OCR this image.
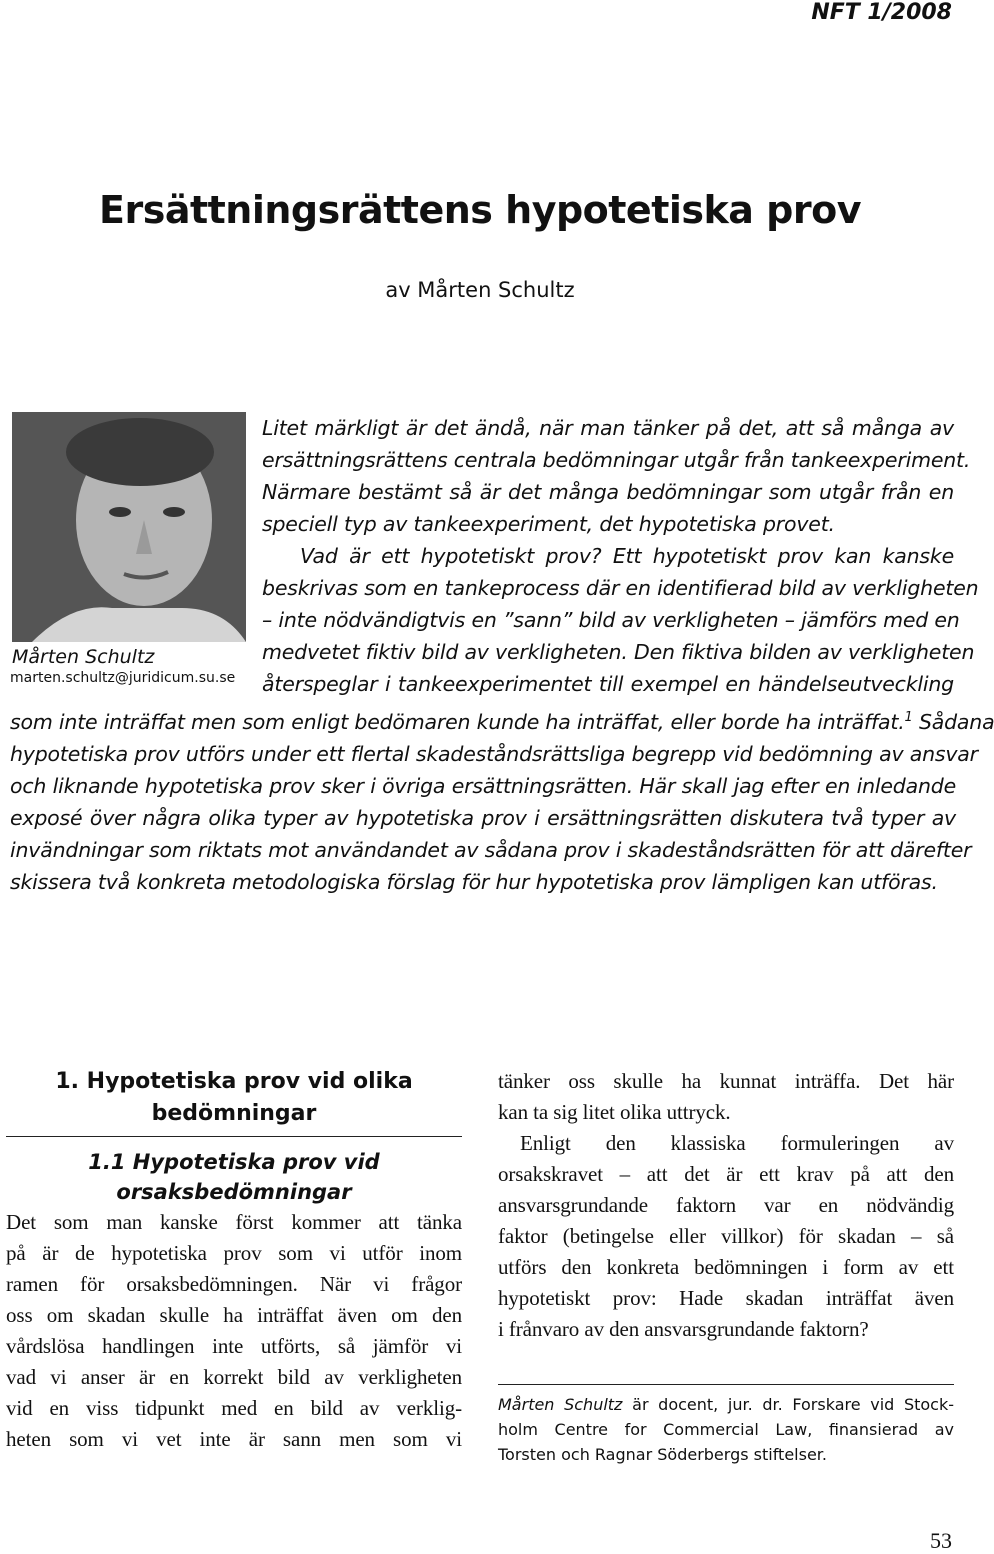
NFT 1/2008
Ersättningsrättens hypotetiska prov
av Mårten Schultz
Mårten Schultz
marten.schultz@juridicum.su.se
Litet märkligt är det ändå, när man tänker på det, att så många av
ersättningsrättens centrala bedömningar utgår från tankeexperiment.
Närmare bestämt så är det många bedömningar som utgår från en
speciell typ av tankeexperiment, det hypotetiska provet.
Vad är ett hypotetiskt prov? Ett hypotetiskt prov kan kanske
beskrivas som en tankeprocess där en identifierad bild av verkligheten
– inte nödvändigtvis en ”sann” bild av verkligheten – jämförs med en
medvetet fiktiv bild av verkligheten. Den fiktiva bilden av verkligheten
återspeglar i tankeexperimentet till exempel en händelseutveckling
som inte inträffat men som enligt bedömaren kunde ha inträffat, eller borde ha inträffat.$^1$ Sådana
hypotetiska prov utförs under ett flertal skadeståndsrättsliga begrepp vid bedömning av ansvar
och liknande hypotetiska prov sker i övriga ersättningsrätten. Här skall jag efter en inledande
exposé över några olika typer av hypotetiska prov i ersättningsrätten diskutera två typer av
invändningar som riktats mot användandet av sådana prov i skadeståndsrätten för att därefter
skissera två konkreta metodologiska förslag för hur hypotetiska prov lämpligen kan utföras.
1. Hypotetiska prov vid olika bedömningar
1.1 Hypotetiska prov vid orsaksbedömningar
Det som man kanske först kommer att tänka
på är de hypotetiska prov som vi utför inom
ramen för orsaksbedömningen. När vi frågor
oss om skadan skulle ha inträffat även om den
vårdslösa handlingen inte utförts, så jämför vi
vad vi anser är en korrekt bild av verkligheten
vid en viss tidpunkt med en bild av verklig-
heten som vi vet inte är sann men som vi
tänker oss skulle ha kunnat inträffa. Det här
kan ta sig litet olika uttryck.
Enligt den klassiska formuleringen av
orsakskravet – att det är ett krav på att den
ansvarsgrundande faktorn var en nödvändig
faktor (betingelse eller villkor) för skadan – så
utförs den konkreta bedömningen i form av ett
hypotetiskt prov: Hade skadan inträffat även
i frånvaro av den ansvarsgrundande faktorn?
Mårten Schultz är docent, jur. dr. Forskare vid Stock-
holm Centre for Commercial Law, finansierad av
Torsten och Ragnar Söderbergs stiftelser.
53
